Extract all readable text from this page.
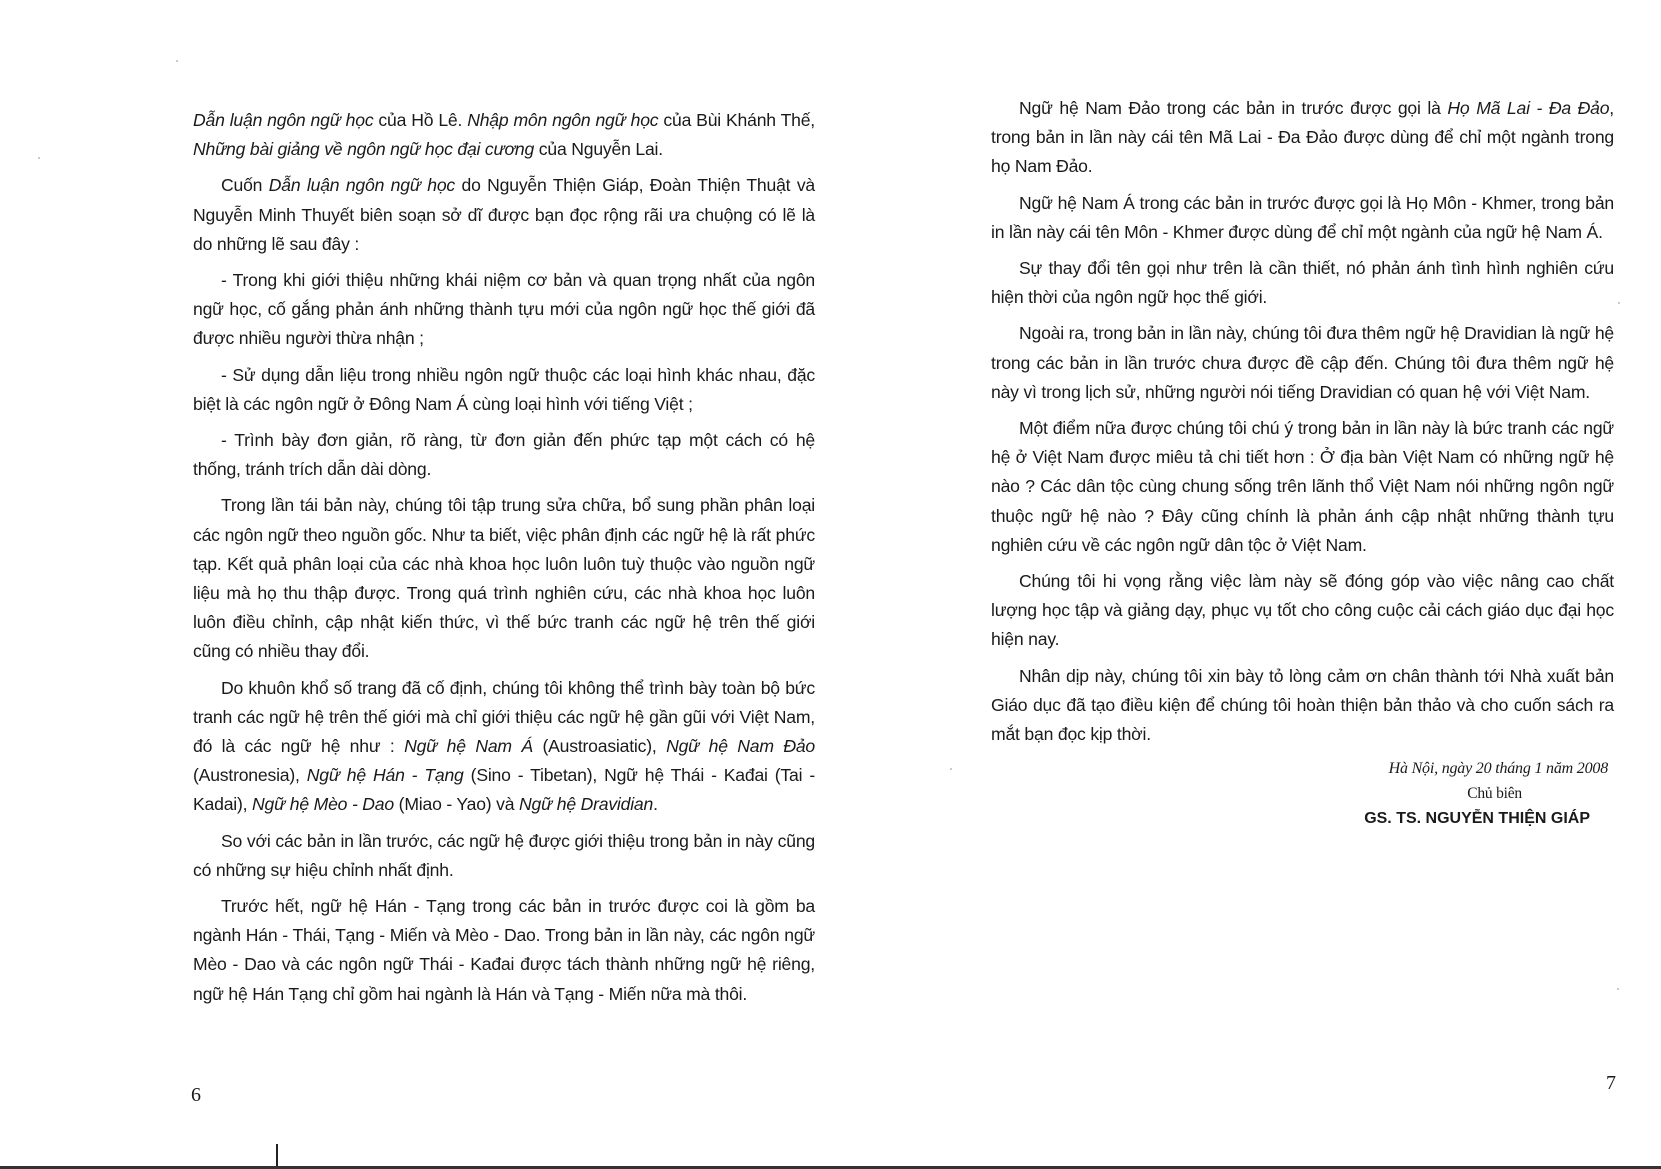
Dẫn luận ngôn ngữ học của Hồ Lê. Nhập môn ngôn ngữ học của Bùi Khánh Thế, Những bài giảng về ngôn ngữ học đại cương của Nguyễn Lai.

Cuốn Dẫn luận ngôn ngữ học do Nguyễn Thiện Giáp, Đoàn Thiện Thuật và Nguyễn Minh Thuyết biên soạn sở dĩ được bạn đọc rộng rãi ưa chuộng có lẽ là do những lẽ sau đây :

- Trong khi giới thiệu những khái niệm cơ bản và quan trọng nhất của ngôn ngữ học, cố gắng phản ánh những thành tựu mới của ngôn ngữ học thế giới đã được nhiều người thừa nhận ;

- Sử dụng dẫn liệu trong nhiều ngôn ngữ thuộc các loại hình khác nhau, đặc biệt là các ngôn ngữ ở Đông Nam Á cùng loại hình với tiếng Việt ;

- Trình bày đơn giản, rõ ràng, từ đơn giản đến phức tạp một cách có hệ thống, tránh trích dẫn dài dòng.

Trong lần tái bản này, chúng tôi tập trung sửa chữa, bổ sung phần phân loại các ngôn ngữ theo nguồn gốc. Như ta biết, việc phân định các ngữ hệ là rất phức tạp. Kết quả phân loại của các nhà khoa học luôn luôn tuỳ thuộc vào nguồn ngữ liệu mà họ thu thập được. Trong quá trình nghiên cứu, các nhà khoa học luôn luôn điều chỉnh, cập nhật kiến thức, vì thế bức tranh các ngữ hệ trên thế giới cũng có nhiều thay đổi.

Do khuôn khổ số trang đã cố định, chúng tôi không thể trình bày toàn bộ bức tranh các ngữ hệ trên thế giới mà chỉ giới thiệu các ngữ hệ gần gũi với Việt Nam, đó là các ngữ hệ như : Ngữ hệ Nam Á (Austroasiatic), Ngữ hệ Nam Đảo (Austronesia), Ngữ hệ Hán - Tạng (Sino - Tibetan), Ngữ hệ Thái - Kađai (Tai - Kadai), Ngữ hệ Mèo - Dao (Miao - Yao) và Ngữ hệ Dravidian.

So với các bản in lần trước, các ngữ hệ được giới thiệu trong bản in này cũng có những sự hiệu chỉnh nhất định.

Trước hết, ngữ hệ Hán - Tạng trong các bản in trước được coi là gồm ba ngành Hán - Thái, Tạng - Miến và Mèo - Dao. Trong bản in lần này, các ngôn ngữ Mèo - Dao và các ngôn ngữ Thái - Kađai được tách thành những ngữ hệ riêng, ngữ hệ Hán Tạng chỉ gồm hai ngành là Hán và Tạng - Miến nữa mà thôi.

6

Ngữ hệ Nam Đảo trong các bản in trước được gọi là Họ Mã Lai - Đa Đảo, trong bản in lần này cái tên Mã Lai - Đa Đảo được dùng để chỉ một ngành trong họ Nam Đảo.

Ngữ hệ Nam Á trong các bản in trước được gọi là Họ Môn - Khmer, trong bản in lần này cái tên Môn - Khmer được dùng để chỉ một ngành của ngữ hệ Nam Á.

Sự thay đổi tên gọi như trên là cần thiết, nó phản ánh tình hình nghiên cứu hiện thời của ngôn ngữ học thế giới.

Ngoài ra, trong bản in lần này, chúng tôi đưa thêm ngữ hệ Dravidian là ngữ hệ trong các bản in lần trước chưa được đề cập đến. Chúng tôi đưa thêm ngữ hệ này vì trong lịch sử, những người nói tiếng Dravidian có quan hệ với Việt Nam.

Một điểm nữa được chúng tôi chú ý trong bản in lần này là bức tranh các ngữ hệ ở Việt Nam được miêu tả chi tiết hơn : Ở địa bàn Việt Nam có những ngữ hệ nào ? Các dân tộc cùng chung sống trên lãnh thổ Việt Nam nói những ngôn ngữ thuộc ngữ hệ nào ? Đây cũng chính là phản ánh cập nhật những thành tựu nghiên cứu về các ngôn ngữ dân tộc ở Việt Nam.

Chúng tôi hi vọng rằng việc làm này sẽ đóng góp vào việc nâng cao chất lượng học tập và giảng dạy, phục vụ tốt cho công cuộc cải cách giáo dục đại học hiện nay.

Nhân dịp này, chúng tôi xin bày tỏ lòng cảm ơn chân thành tới Nhà xuất bản Giáo dục đã tạo điều kiện để chúng tôi hoàn thiện bản thảo và cho cuốn sách ra mắt bạn đọc kịp thời.

Hà Nội, ngày 20 tháng 1 năm 2008
Chủ biên
GS. TS. NGUYỄN THIỆN GIÁP
7
